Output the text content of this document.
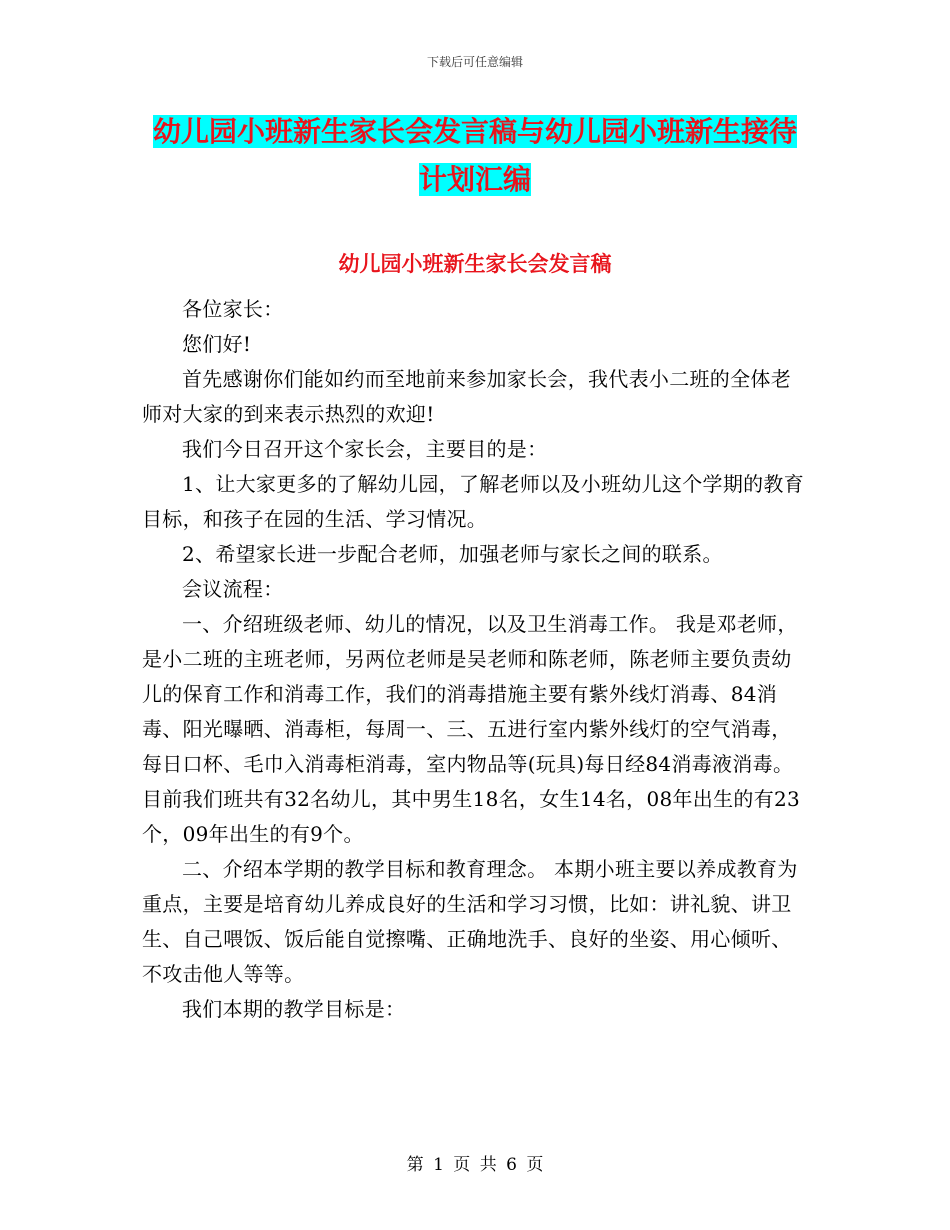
下载后可任意编辑
幼儿园小班新生家长会发言稿与幼儿园小班新生接待
计划汇编
幼儿园小班新生家长会发言稿

各位家长：

您们好!

首先感谢你们能如约而至地前来参加家长会，我代表小二班的全体老师对大家的到来表示热烈的欢迎!

我们今日召开这个家长会，主要目的是：

1、让大家更多的了解幼儿园，了解老师以及小班幼儿这个学期的教育目标，和孩子在园的生活、学习情况。

2、希望家长进一步配合老师，加强老师与家长之间的联系。

会议流程：

一、介绍班级老师、幼儿的情况，以及卫生消毒工作。 我是邓老师，是小二班的主班老师，另两位老师是吴老师和陈老师，陈老师主要负责幼儿的保育工作和消毒工作，我们的消毒措施主要有紫外线灯消毒、84消毒、阳光曝晒、消毒柜，每周一、三、五进行室内紫外线灯的空气消毒，每日口杯、毛巾入消毒柜消毒，室内物品等(玩具)每日经84消毒液消毒。 目前我们班共有32名幼儿，其中男生18名，女生14名，08年出生的有23个，09年出生的有9个。

二、介绍本学期的教学目标和教育理念。 本期小班主要以养成教育为重点，主要是培育幼儿养成良好的生活和学习习惯，比如：讲礼貌、讲卫生、自己喂饭、饭后能自觉擦嘴、正确地洗手、良好的坐姿、用心倾听、不攻击他人等等。

我们本期的教学目标是：

第 1 页 共 6 页
